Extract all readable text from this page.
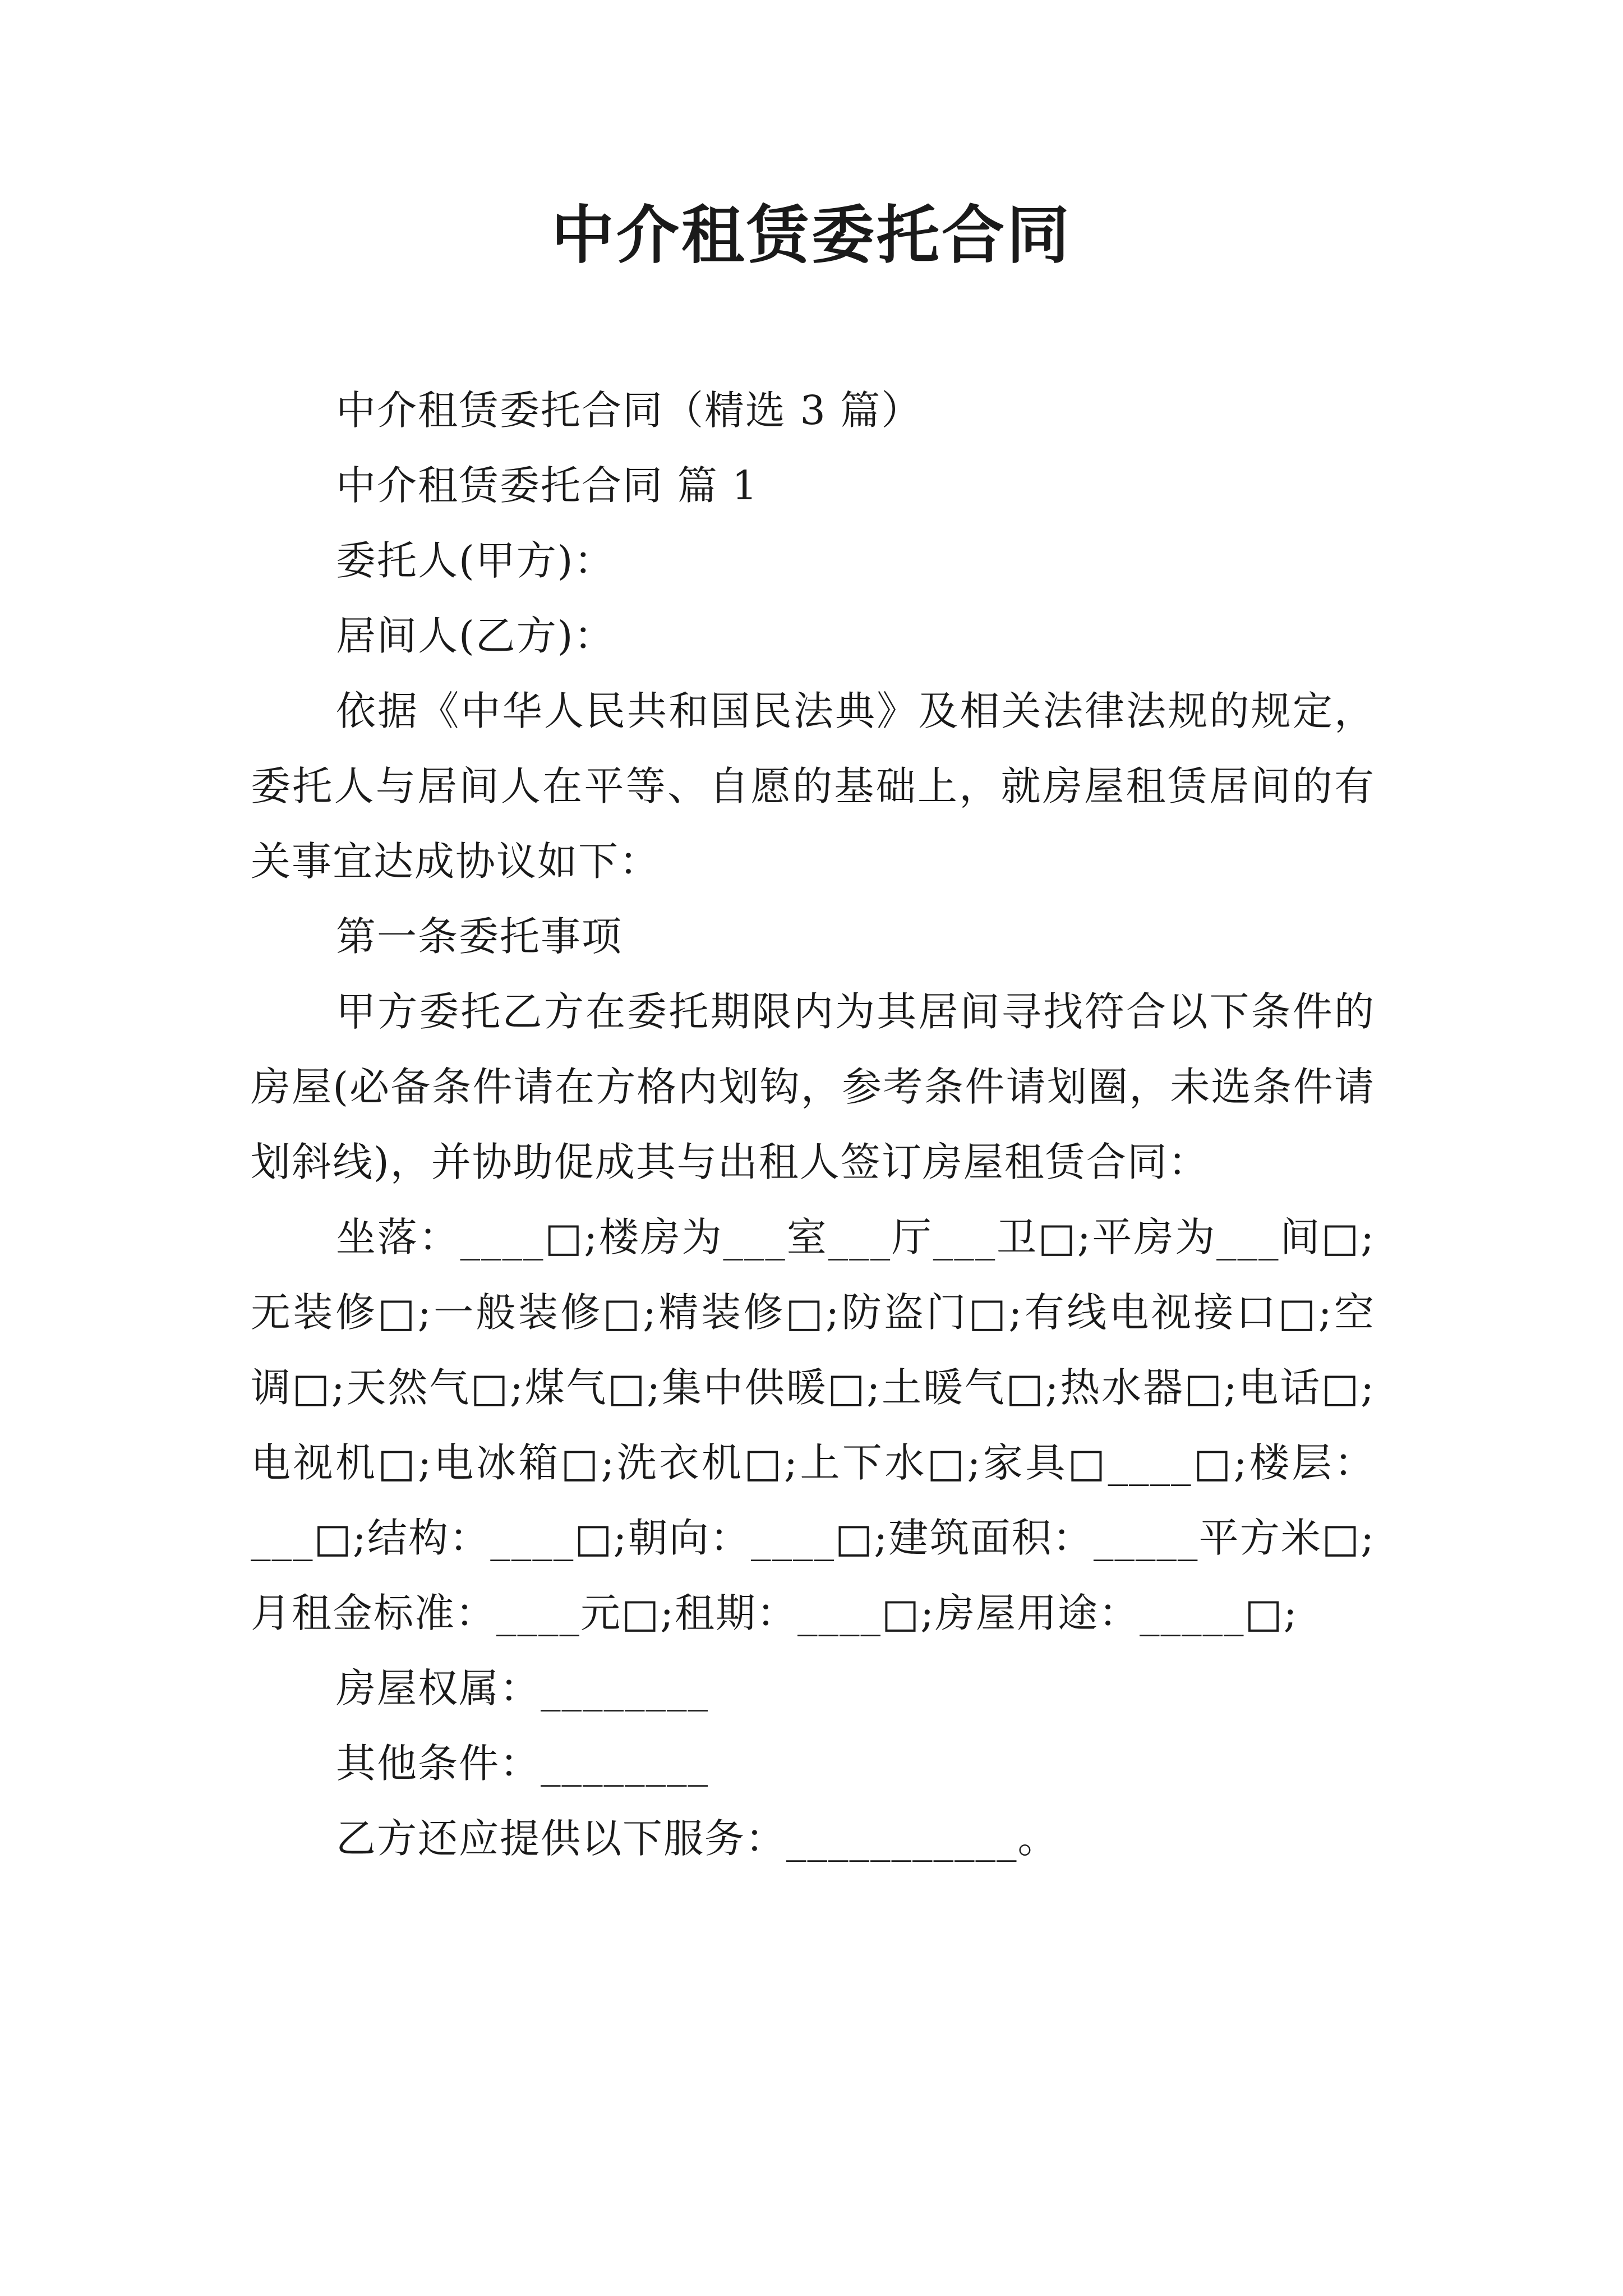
中介租赁委托合同

中介租赁委托合同（精选 3 篇）

中介租赁委托合同 篇 1

委托人(甲方)：

居间人(乙方)：

依据《中华人民共和国民法典》及相关法律法规的规定，委托人与居间人在平等、自愿的基础上，就房屋租赁居间的有关事宜达成协议如下：

第一条委托事项

甲方委托乙方在委托期限内为其居间寻找符合以下条件的房屋(必备条件请在方格内划钩，参考条件请划圈，未选条件请划斜线)，并协助促成其与出租人签订房屋租赁合同：

坐落：____□;楼房为___室___厅___卫□;平房为___间□;无装修□;一般装修□;精装修□;防盗门□;有线电视接口□;空调□;天然气□;煤气□;集中供暖□;土暖气□;热水器□;电话□;电视机□;电冰箱□;洗衣机□;上下水□;家具□____□;楼层：___□;结构：____□;朝向：____□;建筑面积：_____平方米□;月租金标准：____元□;租期：____□;房屋用途：_____□;

房屋权属：________

其他条件：________

乙方还应提供以下服务：___________。
